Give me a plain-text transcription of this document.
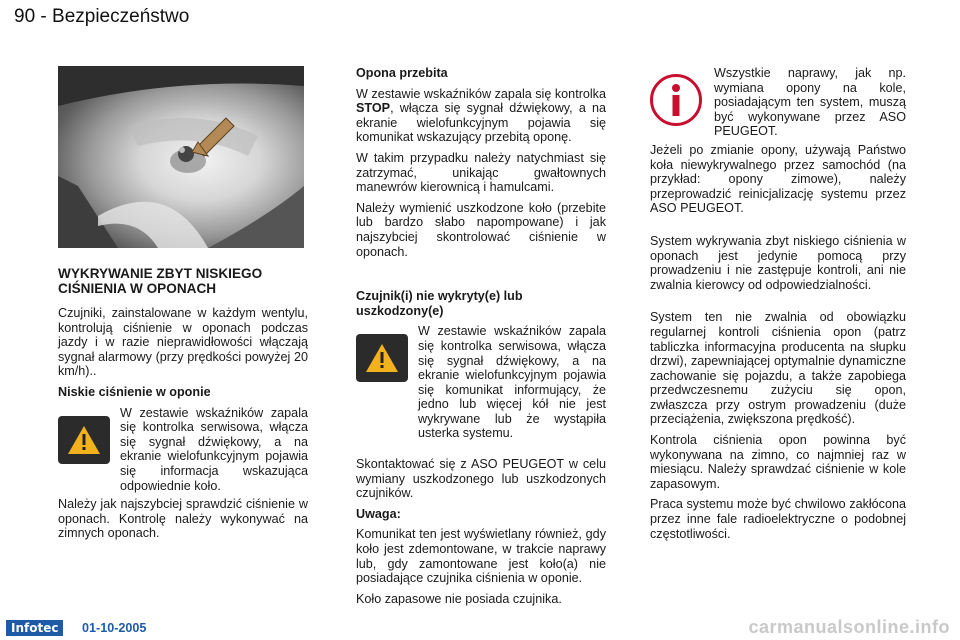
90 - Bezpieczeństwo
WYKRYWANIE ZBYT NISKIEGO CIŚNIENIA W OPONACH

Czujniki, zainstalowane w każdym wentylu, kontrolują ciśnienie w oponach podczas jazdy i w razie nieprawidłowości włączają sygnał alarmowy (przy prędkości powyżej 20 km/h)..

Niskie ciśnienie w oponie
W zestawie wskaźników zapala się kontrolka serwisowa, włącza się sygnał dźwiękowy, a na ekranie wielofunkcyjnym pojawia się informacja wskazująca odpowiednie koło.

Należy jak najszybciej sprawdzić ciśnienie w oponach. Kontrolę należy wykonywać na zimnych oponach.

Opona przebita

W zestawie wskaźników zapala się kontrolka STOP, włącza się sygnał dźwiękowy, a na ekranie wielofunkcyjnym pojawia się komunikat wskazujący przebitą oponę.

W takim przypadku należy natychmiast się zatrzymać, unikając gwałtownych manewrów kierownicą i hamulcami.

Należy wymienić uszkodzone koło (przebite lub bardzo słabo napompowane) i jak najszybciej skontrolować ciśnienie w oponach.

Czujnik(i) nie wykryty(e) lub uszkodzony(e)
W zestawie wskaźników zapala się kontrolka serwisowa, włącza się sygnał dźwiękowy, a na ekranie wielofunkcyjnym pojawia się komunikat informujący, że jedno lub więcej kół nie jest wykrywane lub że wystąpiła usterka systemu.

Skontaktować się z ASO PEUGEOT w celu wymiany uszkodzonego lub uszkodzonych czujników.

Uwaga:

Komunikat ten jest wyświetlany również, gdy koło jest zdemontowane, w trakcie naprawy lub, gdy zamontowane jest koło(a) nie posiadające czujnika ciśnienia w oponie.

Koło zapasowe nie posiada czujnika.

Wszystkie naprawy, jak np. wymiana opony na kole, posiadającym ten system, muszą być wykonywane przez ASO PEUGEOT.

Jeżeli po zmianie opony, używają Państwo koła niewykrywalnego przez samochód (na przykład: opony zimowe), należy przeprowadzić reinicjalizację systemu przez ASO PEUGEOT.

System wykrywania zbyt niskiego ciśnienia w oponach jest jedynie pomocą przy prowadzeniu i nie zastępuje kontroli, ani nie zwalnia kierowcy od odpowiedzialności.

System ten nie zwalnia od obowiązku regularnej kontroli ciśnienia opon (patrz tabliczka informacyjna producenta na słupku drzwi), zapewniającej optymalnie dynamiczne zachowanie się pojazdu, a także zapobiega przedwczesnemu zużyciu się opon, zwłaszcza przy ostrym prowadzeniu (duże przeciążenia, zwiększona prędkość).

Kontrola ciśnienia opon powinna być wykonywana na zimno, co najmniej raz w miesiącu. Należy sprawdzać ciśnienie w kole zapasowym.

Praca systemu może być chwilowo zakłócona przez inne fale radioelektryczne o podobnej częstotliwości.

Infotec	01-10-2005	carmanualsonline.info
